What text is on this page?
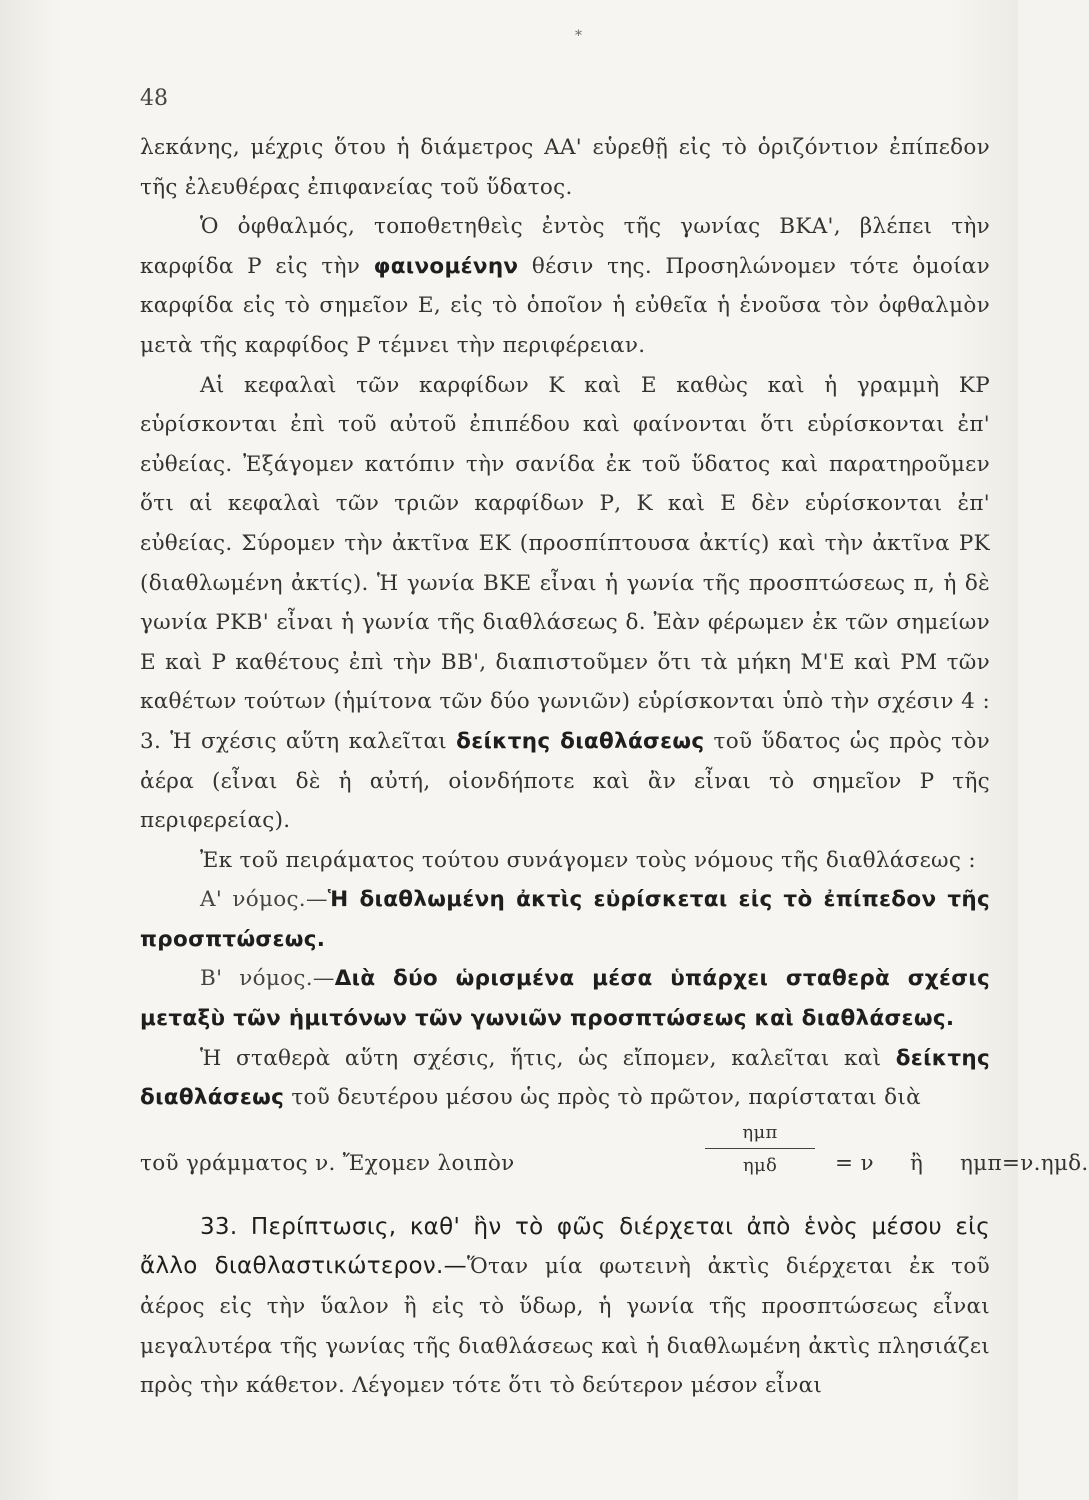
*
48

λεκάνης, μέχρις ὅτου ἡ διάμετρος ΑΑ' εὑρεθῇ εἰς τὸ ὁριζόντιον ἐπίπεδον τῆς ἐλευθέρας ἐπιφανείας τοῦ ὕδατος.

Ὁ ὀφθαλμός, τοποθετηθεὶς ἐντὸς τῆς γωνίας ΒΚΑ', βλέπει τὴν καρφίδα Ρ εἰς τὴν φαινομένην θέσιν της. Προσηλώνομεν τότε ὁμοίαν καρφίδα εἰς τὸ σημεῖον Ε, εἰς τὸ ὁποῖον ἡ εὐθεῖα ἡ ἑνοῦσα τὸν ὀφθαλμὸν μετὰ τῆς καρφίδος Ρ τέμνει τὴν περιφέρειαν.

Αἱ κεφαλαὶ τῶν καρφίδων Κ καὶ Ε καθὼς καὶ ἡ γραμμὴ ΚΡ εὑρίσκονται ἐπὶ τοῦ αὐτοῦ ἐπιπέδου καὶ φαίνονται ὅτι εὑρίσκονται ἐπ' εὐθείας. Ἐξάγομεν κατόπιν τὴν σανίδα ἐκ τοῦ ὕδατος καὶ παρατηροῦμεν ὅτι αἱ κεφαλαὶ τῶν τριῶν καρφίδων Ρ, Κ καὶ Ε δὲν εὑρίσκονται ἐπ' εὐθείας. Σύρομεν τὴν ἀκτῖνα ΕΚ (προσπίπτουσα ἀκτίς) καὶ τὴν ἀκτῖνα ΡΚ (διαθλωμένη ἀκτίς). Ἡ γωνία ΒΚΕ εἶναι ἡ γωνία τῆς προσπτώσεως π, ἡ δὲ γωνία ΡΚΒ' εἶναι ἡ γωνία τῆς διαθλάσεως δ. Ἐὰν φέρωμεν ἐκ τῶν σημείων Ε καὶ Ρ καθέτους ἐπὶ τὴν ΒΒ', διαπιστοῦμεν ὅτι τὰ μήκη Μ'Ε καὶ ΡΜ τῶν καθέτων τούτων (ἡμίτονα τῶν δύο γωνιῶν) εὑρίσκονται ὑπὸ τὴν σχέσιν 4 : 3. Ἡ σχέσις αὕτη καλεῖται δείκτης διαθλάσεως τοῦ ὕδατος ὡς πρὸς τὸν ἀέρα (εἶναι δὲ ἡ αὐτή, οἱονδήποτε καὶ ἂν εἶναι τὸ σημεῖον Ρ τῆς περιφερείας).

Ἐκ τοῦ πειράματος τούτου συνάγομεν τοὺς νόμους τῆς διαθλάσεως :

Α' νόμος.—Ἡ διαθλωμένη ἀκτὶς εὑρίσκεται εἰς τὸ ἐπίπεδον τῆς προσπτώσεως.

Β' νόμος.—Διὰ δύο ὡρισμένα μέσα ὑπάρχει σταθερὰ σχέσις μεταξὺ τῶν ἡμιτόνων τῶν γωνιῶν προσπτώσεως καὶ διαθλάσεως.

Ἡ σταθερὰ αὕτη σχέσις, ἥτις, ὡς εἴπομεν, καλεῖται καὶ δείκτης διαθλάσεως τοῦ δευτέρου μέσου ὡς πρὸς τὸ πρῶτον, παρίσταται διὰ

τοῦ γράμματος ν. Ἔχομεν λοιπὸν
ημπ
ημδ	= ν ἢ ημπ=ν.ημδ.

33. Περίπτωσις, καθ' ἣν τὸ φῶς διέρχεται ἀπὸ ἑνὸς μέσου εἰς ἄλλο διαθλαστικώτερον.—Ὅταν μία φωτεινὴ ἀκτὶς διέρχεται ἐκ τοῦ ἀέρος εἰς τὴν ὕαλον ἢ εἰς τὸ ὕδωρ, ἡ γωνία τῆς προσπτώσεως εἶναι μεγαλυτέρα τῆς γωνίας τῆς διαθλάσεως καὶ ἡ διαθλωμένη ἀκτὶς πλησιάζει πρὸς τὴν κάθετον. Λέγομεν τότε ὅτι τὸ δεύτερον μέσον εἶναι
